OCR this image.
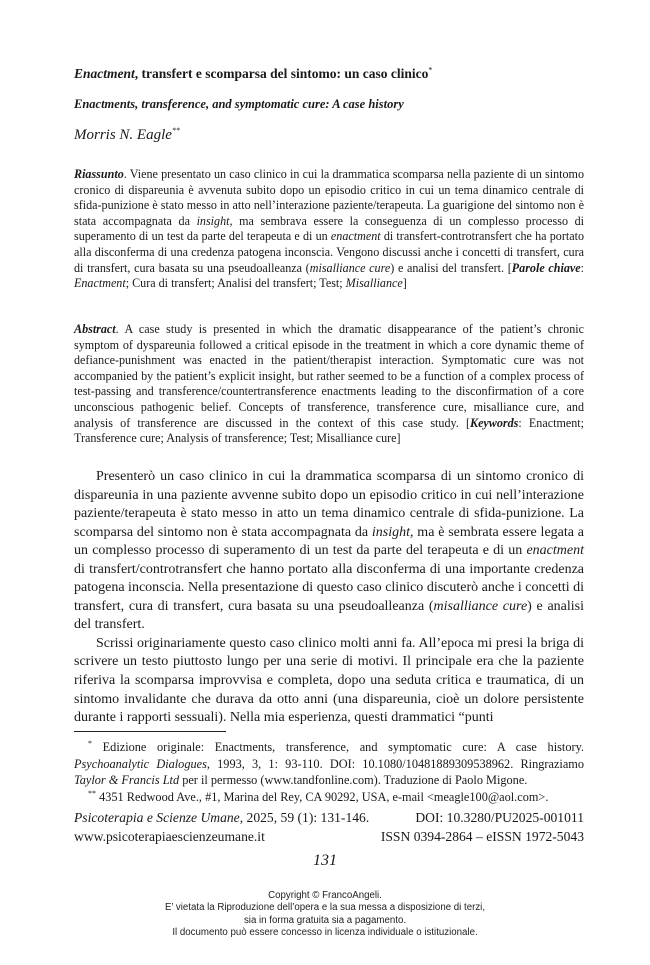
Enactment, transfert e scomparsa del sintomo: un caso clinico*
Enactments, transference, and symptomatic cure: A case history
Morris N. Eagle**
Riassunto. Viene presentato un caso clinico in cui la drammatica scomparsa nella paziente di un sintomo cronico di dispareunia è avvenuta subito dopo un episodio critico in cui un tema dinamico centrale di sfida-punizione è stato messo in atto nell’interazione paziente/terapeuta. La guarigione del sintomo non è stata accompagnata da insight, ma sembrava essere la conseguenza di un complesso processo di superamento di un test da parte del terapeuta e di un enactment di transfert-controtransfert che ha portato alla disconferma di una credenza patogena inconscia. Vengono discussi anche i concetti di transfert, cura di transfert, cura basata su una pseudoalleanza (misalliance cure) e analisi del transfert. [Parole chiave: Enactment; Cura di transfert; Analisi del transfert; Test; Misalliance]
Abstract. A case study is presented in which the dramatic disappearance of the patient’s chronic symptom of dyspareunia followed a critical episode in the treatment in which a core dynamic theme of defiance-punishment was enacted in the patient/therapist interaction. Symptomatic cure was not accompanied by the patient’s explicit insight, but rather seemed to be a function of a complex process of test-passing and transference/countertransference enactments leading to the disconfirmation of a core unconscious pathogenic belief. Concepts of transference, transference cure, misalliance cure, and analysis of transference are discussed in the context of this case study. [Keywords: Enactment; Transference cure; Analysis of transference; Test; Misalliance cure]

Presenterò un caso clinico in cui la drammatica scomparsa di un sintomo cronico di dispareunia in una paziente avvenne subito dopo un episodio critico in cui nell’interazione paziente/terapeuta è stato messo in atto un tema dinamico centrale di sfida-punizione. La scomparsa del sintomo non è stata accompagnata da insight, ma è sembrata essere legata a un complesso processo di superamento di un test da parte del terapeuta e di un enactment di transfert/controtransfert che hanno portato alla disconferma di una importante credenza patogena inconscia. Nella presentazione di questo caso clinico discuterò anche i concetti di transfert, cura di transfert, cura basata su una pseudoalleanza (misalliance cure) e analisi del transfert.

Scrissi originariamente questo caso clinico molti anni fa. All’epoca mi presi la briga di scrivere un testo piuttosto lungo per una serie di motivi. Il principale era che la paziente riferiva la scomparsa improvvisa e completa, dopo una seduta critica e traumatica, di un sintomo invalidante che durava da otto anni (una dispareunia, cioè un dolore persistente durante i rapporti sessuali). Nella mia esperienza, questi drammatici “punti

* Edizione originale: Enactments, transference, and symptomatic cure: A case history. Psychoanalytic Dialogues, 1993, 3, 1: 93-110. DOI: 10.1080/10481889309538962. Ringraziamo Taylor & Francis Ltd per il permesso (www.tandfonline.com). Traduzione di Paolo Migone.

** 4351 Redwood Ave., #1, Marina del Rey, CA 90292, USA, e-mail <meagle100@aol.com>.

Psicoterapia e Scienze Umane, 2025, 59 (1): 131-146.	DOI: 10.3280/PU2025-001011
www.psicoterapiaescienzeumane.it	ISSN 0394-2864 – eISSN 1972-5043
131
Copyright © FrancoAngeli.
E’ vietata la Riproduzione dell’opera e la sua messa a disposizione di terzi,
sia in forma gratuita sia a pagamento.
Il documento può essere concesso in licenza individuale o istituzionale.
